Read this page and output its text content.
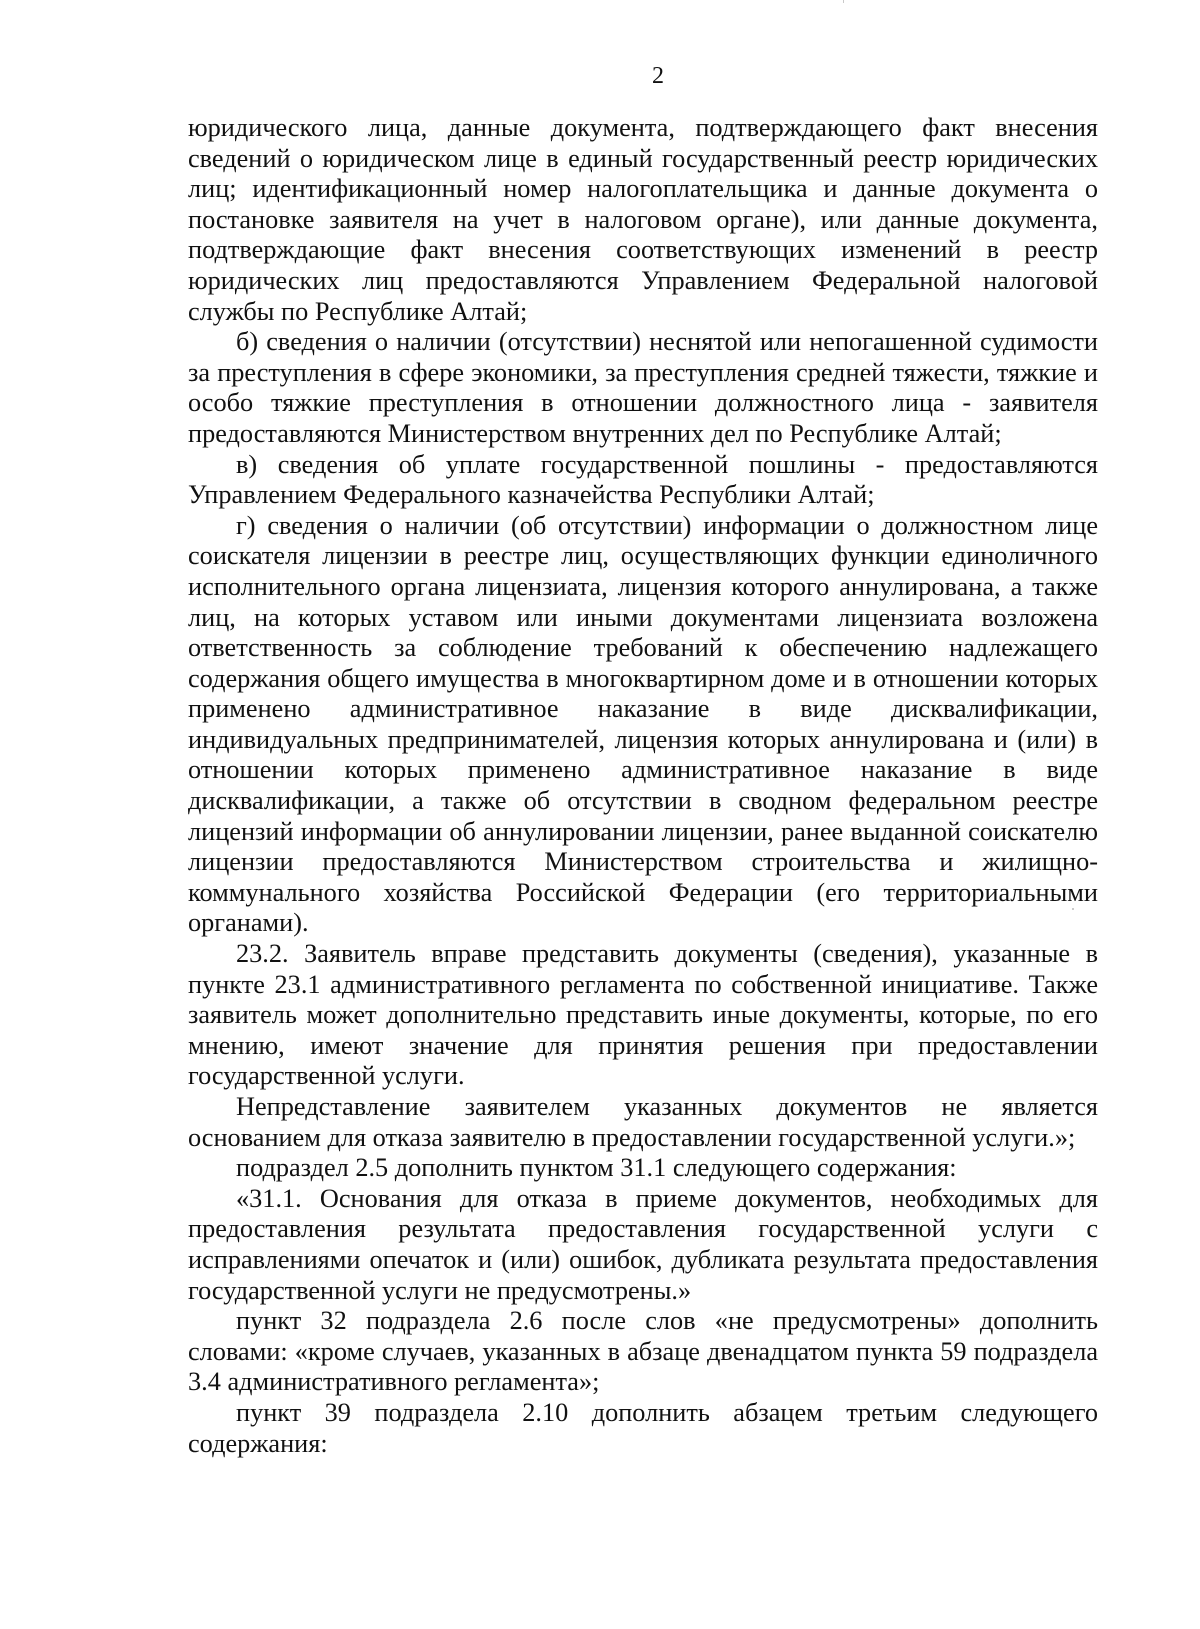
2

юридического лица, данные документа, подтверждающего факт внесения сведений о юридическом лице в единый государственный реестр юридических лиц; идентификационный номер налогоплательщика и данные документа о постановке заявителя на учет в налоговом органе), или данные документа, подтверждающие факт внесения соответствующих изменений в реестр юридических лиц предоставляются Управлением Федеральной налоговой службы по Республике Алтай;

б) сведения о наличии (отсутствии) неснятой или непогашенной судимости за преступления в сфере экономики, за преступления средней тяжести, тяжкие и особо тяжкие преступления в отношении должностного лица - заявителя предоставляются Министерством внутренних дел по Республике Алтай;

в) сведения об уплате государственной пошлины - предоставляются Управлением Федерального казначейства Республики Алтай;

г) сведения о наличии (об отсутствии) информации о должностном лице соискателя лицензии в реестре лиц, осуществляющих функции единоличного исполнительного органа лицензиата, лицензия которого аннулирована, а также лиц, на которых уставом или иными документами лицензиата возложена ответственность за соблюдение требований к обеспечению надлежащего содержания общего имущества в многоквартирном доме и в отношении которых применено административное наказание в виде дисквалификации, индивидуальных предпринимателей, лицензия которых аннулирована и (или) в отношении которых применено административное наказание в виде дисквалификации, а также об отсутствии в сводном федеральном реестре лицензий информации об аннулировании лицензии, ранее выданной соискателю лицензии предоставляются Министерством строительства и жилищно-коммунального хозяйства Российской Федерации (его территориальными органами).

23.2. Заявитель вправе представить документы (сведения), указанные в пункте 23.1 административного регламента по собственной инициативе. Также заявитель может дополнительно представить иные документы, которые, по его мнению, имеют значение для принятия решения при предоставлении государственной услуги.

Непредставление заявителем указанных документов не является основанием для отказа заявителю в предоставлении государственной услуги.»;

подраздел 2.5 дополнить пунктом 31.1 следующего содержания:

«31.1. Основания для отказа в приеме документов, необходимых для предоставления результата предоставления государственной услуги с исправлениями опечаток и (или) ошибок, дубликата результата предоставления государственной услуги не предусмотрены.»

пункт 32 подраздела 2.6 после слов «не предусмотрены» дополнить словами: «кроме случаев, указанных в абзаце двенадцатом пункта 59 подраздела 3.4 административного регламента»;

пункт 39 подраздела 2.10 дополнить абзацем третьим следующего содержания:
